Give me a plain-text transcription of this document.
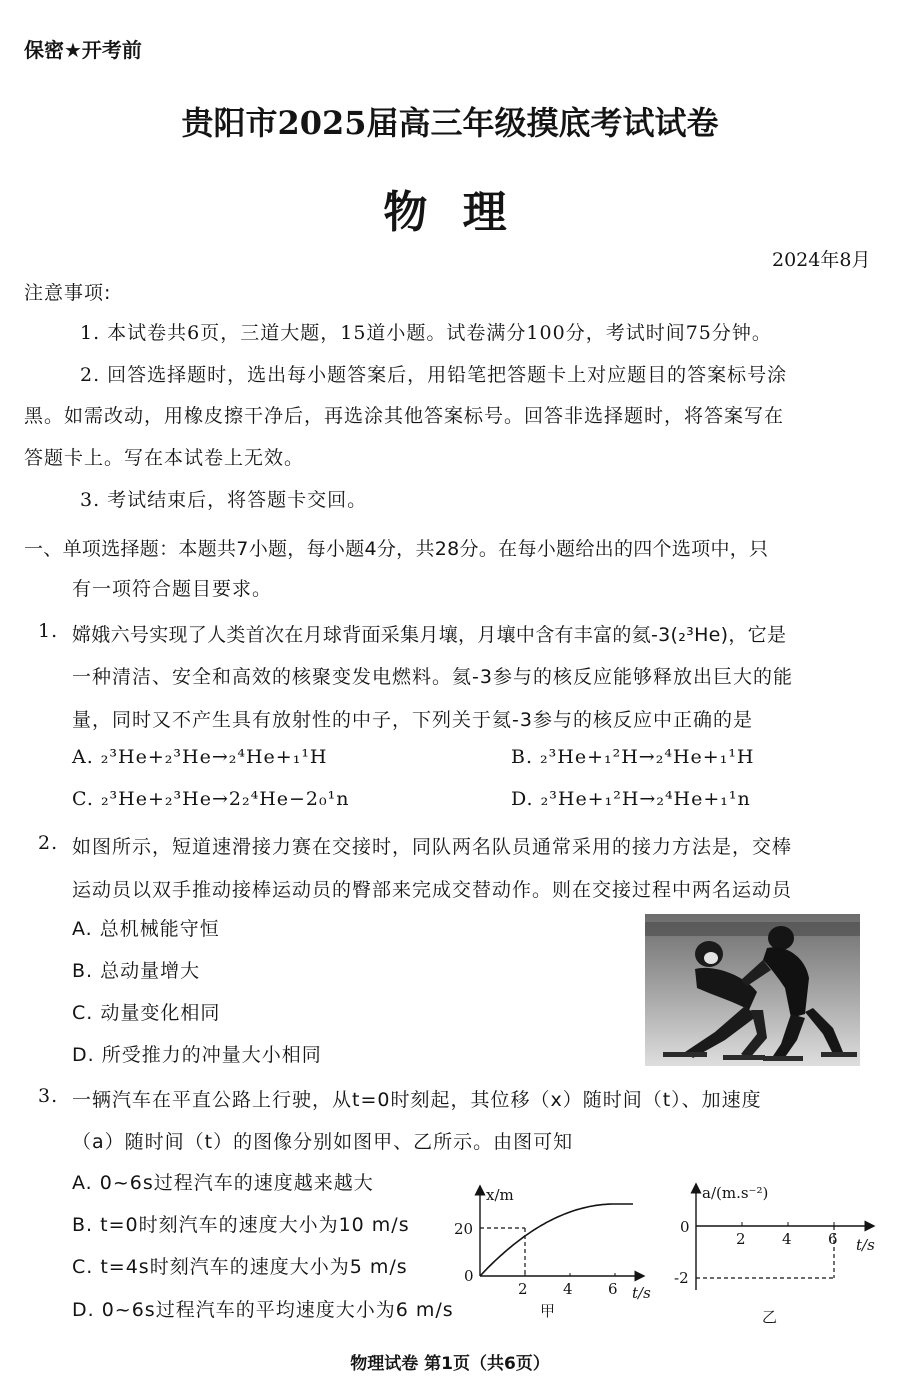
保密★开考前
贵阳市2025届高三年级摸底考试试卷
物 理
2024年8月
注意事项:
1. 本试卷共6页，三道大题，15道小题。试卷满分100分，考试时间75分钟。
2. 回答选择题时，选出每小题答案后，用铅笔把答题卡上对应题目的答案标号涂
黑。如需改动，用橡皮擦干净后，再选涂其他答案标号。回答非选择题时，将答案写在
答题卡上。写在本试卷上无效。
3. 考试结束后，将答题卡交回。
一、单项选择题：本题共7小题，每小题4分，共28分。在每小题给出的四个选项中，只
有一项符合题目要求。
1. 嫦娥六号实现了人类首次在月球背面采集月壤，月壤中含有丰富的氦-3(₂³He)，它是
一种清洁、安全和高效的核聚变发电燃料。氦-3参与的核反应能够释放出巨大的能
量，同时又不产生具有放射性的中子，下列关于氦-3参与的核反应中正确的是
A. ₂³He+₂³He→₂⁴He+₁¹H	B. ₂³He+₁²H→₂⁴He+₁¹H
C. ₂³He+₂³He→2₂⁴He−2₀¹n	D. ₂³He+₁²H→₂⁴He+₁¹n
2. 如图所示，短道速滑接力赛在交接时，同队两名队员通常采用的接力方法是，交棒
运动员以双手推动接棒运动员的臀部来完成交替动作。则在交接过程中两名运动员
A. 总机械能守恒
B. 总动量增大
C. 动量变化相同
D. 所受推力的冲量大小相同
3. 一辆汽车在平直公路上行驶，从t=0时刻起，其位移（x）随时间（t）、加速度
（a）随时间（t）的图像分别如图甲、乙所示。由图可知
A. 0~6s过程汽车的速度越来越大
B. t=0时刻汽车的速度大小为10 m/s
C. t=4s时刻汽车的速度大小为5 m/s
D. 0~6s过程汽车的平均速度大小为6 m/s
x/m
t/s
20
0
2 4 6
甲
a/(m.s⁻²)
t/s
0
-2
2 4 6
乙
物理试卷 第1页（共6页）
